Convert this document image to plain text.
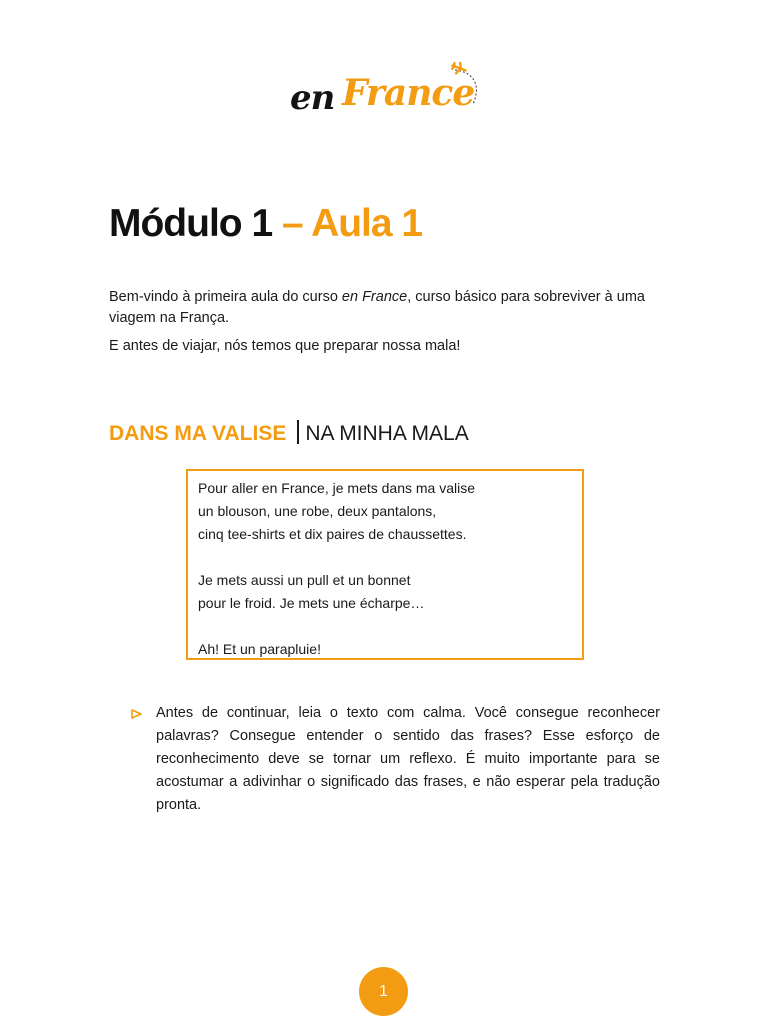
en France
Módulo 1 – Aula 1

Bem-vindo à primeira aula do curso en France, curso básico para sobreviver à uma viagem na França.

E antes de viajar, nós temos que preparar nossa mala!

DANS MA VALISE NA MINHA MALA
Pour aller en France, je mets dans ma valise
un blouson, une robe, deux pantalons,
cinq tee-shirts et dix paires de chaussettes.
Je mets aussi un pull et un bonnet
pour le froid. Je mets une écharpe…
Ah! Et un parapluie!

Antes de continuar, leia o texto com calma. Você consegue reconhecer palavras? Consegue entender o sentido das frases? Esse esforço de reconhecimento deve se tornar um reflexo. É muito importante para se acostumar a adivinhar o significado das frases, e não esperar pela tradução pronta.

1
